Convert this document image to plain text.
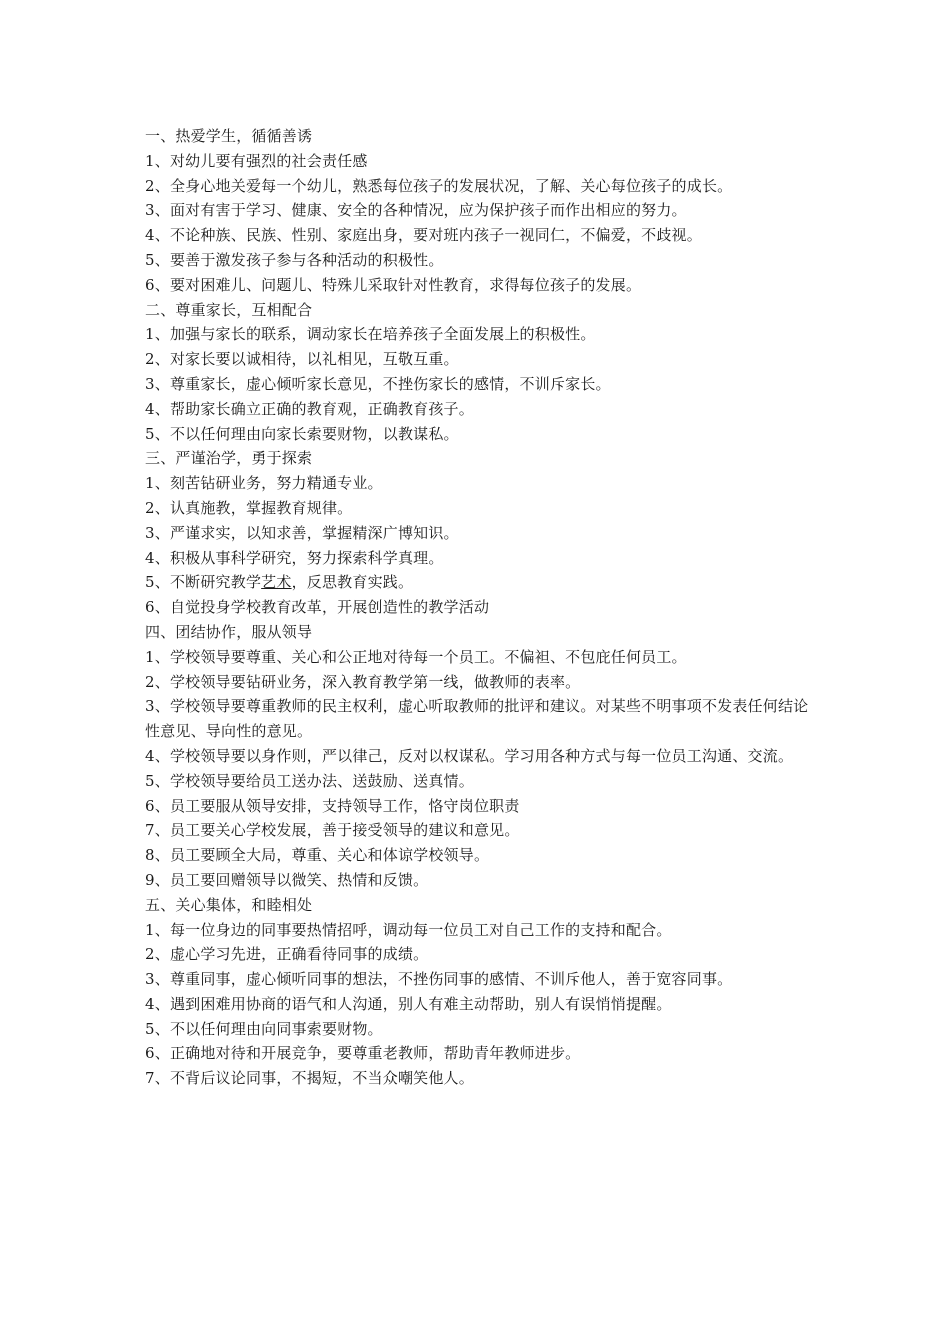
一、热爱学生，循循善诱

1、对幼儿要有强烈的社会责任感

2、全身心地关爱每一个幼儿，熟悉每位孩子的发展状况，了解、关心每位孩子的成长。

3、面对有害于学习、健康、安全的各种情况，应为保护孩子而作出相应的努力。

4、不论种族、民族、性别、家庭出身，要对班内孩子一视同仁，不偏爱，不歧视。

5、要善于激发孩子参与各种活动的积极性。

6、要对困难儿、问题儿、特殊儿采取针对性教育，求得每位孩子的发展。

二、尊重家长，互相配合

1、加强与家长的联系，调动家长在培养孩子全面发展上的积极性。

2、对家长要以诚相待，以礼相见，互敬互重。

3、尊重家长，虚心倾听家长意见，不挫伤家长的感情，不训斥家长。

4、帮助家长确立正确的教育观，正确教育孩子。

5、不以任何理由向家长索要财物，以教谋私。

三、严谨治学，勇于探索

1、刻苦钻研业务，努力精通专业。

2、认真施教，掌握教育规律。

3、严谨求实，以知求善，掌握精深广博知识。

4、积极从事科学研究，努力探索科学真理。

5、不断研究教学艺术，反思教育实践。

6、自觉投身学校教育改革，开展创造性的教学活动

四、团结协作，服从领导

1、学校领导要尊重、关心和公正地对待每一个员工。不偏袒、不包庇任何员工。

2、学校领导要钻研业务，深入教育教学第一线，做教师的表率。

3、学校领导要尊重教师的民主权利，虚心听取教师的批评和建议。对某些不明事项不发表任何结论性意见、导向性的意见。

4、学校领导要以身作则，严以律己，反对以权谋私。学习用各种方式与每一位员工沟通、交流。

5、学校领导要给员工送办法、送鼓励、送真情。

6、员工要服从领导安排，支持领导工作，恪守岗位职责

7、员工要关心学校发展，善于接受领导的建议和意见。

8、员工要顾全大局，尊重、关心和体谅学校领导。

9、员工要回赠领导以微笑、热情和反馈。

五、关心集体，和睦相处

1、每一位身边的同事要热情招呼，调动每一位员工对自己工作的支持和配合。

2、虚心学习先进，正确看待同事的成绩。

3、尊重同事，虚心倾听同事的想法，不挫伤同事的感情、不训斥他人，善于宽容同事。

4、遇到困难用协商的语气和人沟通，别人有难主动帮助，别人有误悄悄提醒。

5、不以任何理由向同事索要财物。

6、正确地对待和开展竞争，要尊重老教师，帮助青年教师进步。

7、不背后议论同事，不揭短，不当众嘲笑他人。
